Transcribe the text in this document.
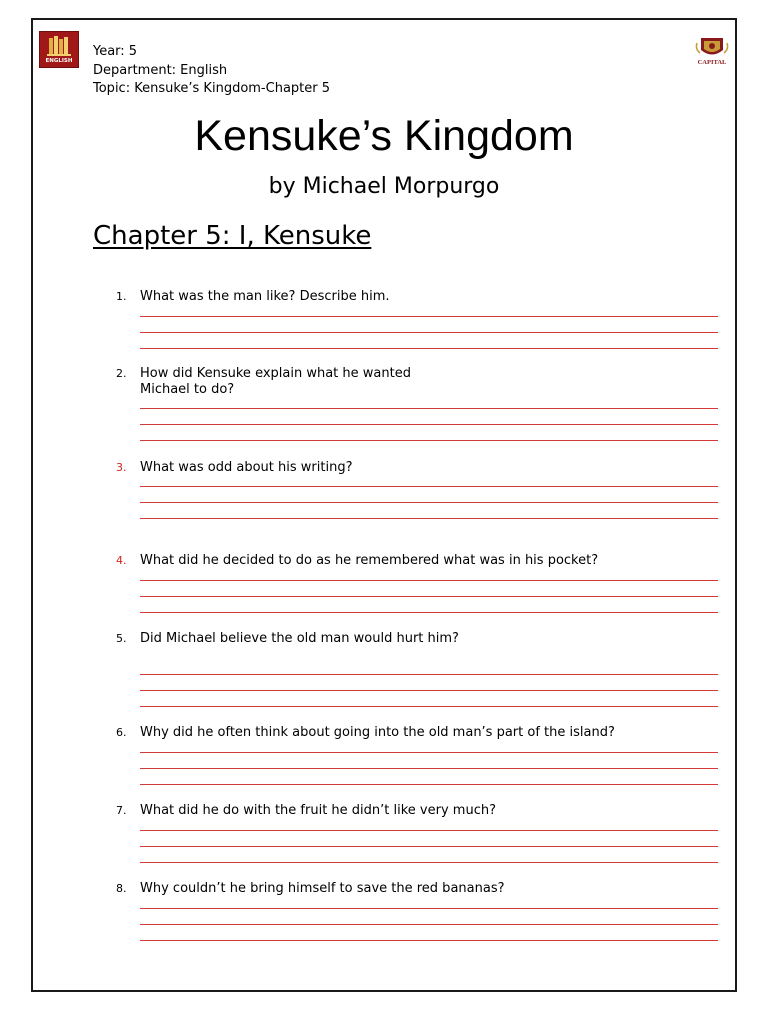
ENGLISH	CAPITAL
Year: 5
Department: English
Topic: Kensuke’s Kingdom-Chapter 5
Kensuke’s Kingdom
by Michael Morpurgo
Chapter 5: I, Kensuke
1. What was the man like? Describe him.
2. How did Kensuke explain what he wanted Michael to do?
3. What was odd about his writing?
4. What did he decided to do as he remembered what was in his pocket?
5. Did Michael believe the old man would hurt him?
6. Why did he often think about going into the old man’s part of the island?
7. What did he do with the fruit he didn’t like very much?
8. Why couldn’t he bring himself to save the red bananas?
